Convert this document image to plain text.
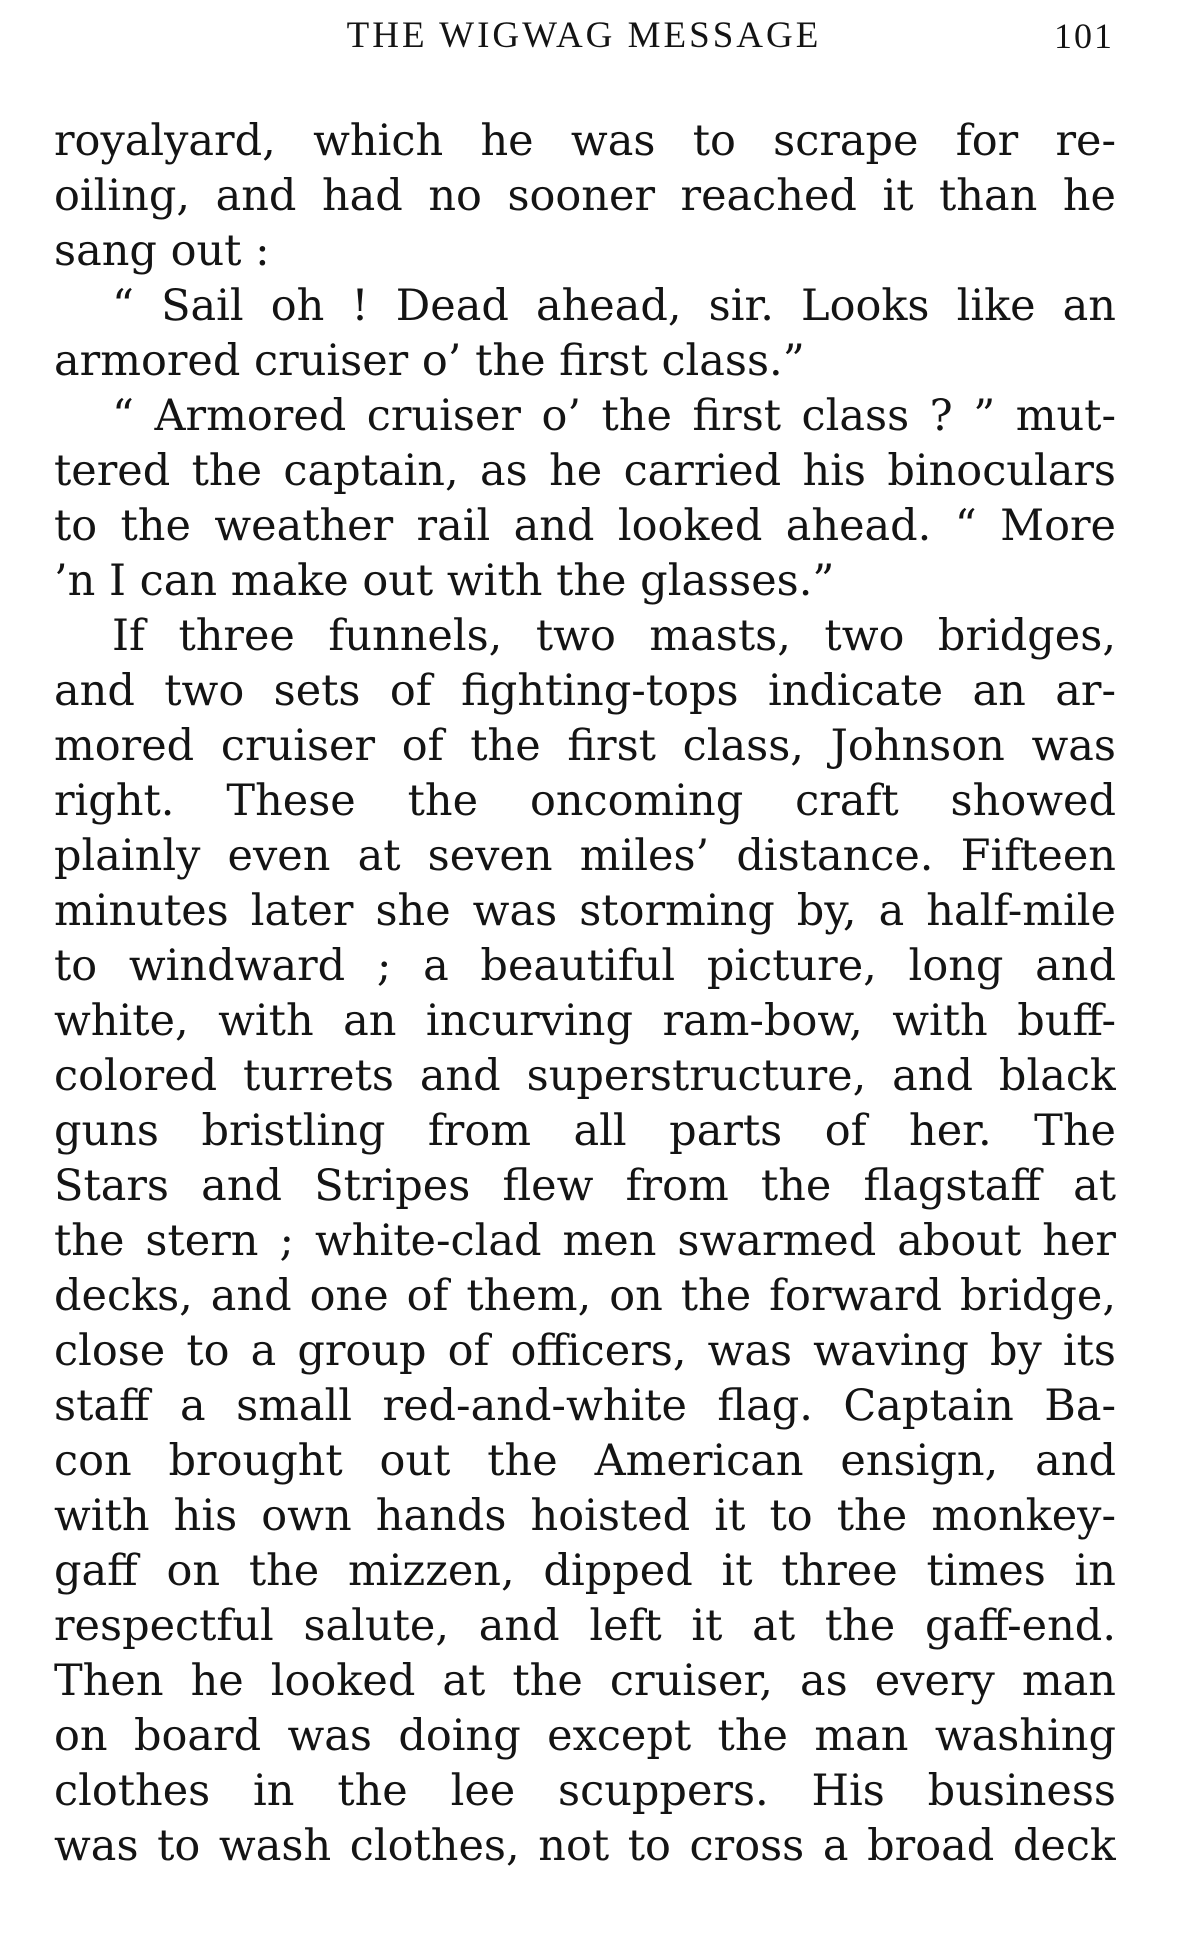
THE WIGWAG MESSAGE	101
royalyard, which he was to scrape for re-
oiling, and had no sooner reached it than he
sang out :
“ Sail oh ! Dead ahead, sir. Looks like an
armored cruiser o’ the first class.”
“ Armored cruiser o’ the first class ? ” mut-
tered the captain, as he carried his binoculars
to the weather rail and looked ahead. “ More
’n I can make out with the glasses.”
If three funnels, two masts, two bridges,
and two sets of fighting-tops indicate an ar-
mored cruiser of the first class, Johnson was
right. These the oncoming craft showed
plainly even at seven miles’ distance. Fifteen
minutes later she was storming by, a half-mile
to windward ; a beautiful picture, long and
white, with an incurving ram-bow, with buff-
colored turrets and superstructure, and black
guns bristling from all parts of her. The
Stars and Stripes flew from the flagstaff at
the stern ; white-clad men swarmed about her
decks, and one of them, on the forward bridge,
close to a group of officers, was waving by its
staff a small red-and-white flag. Captain Ba-
con brought out the American ensign, and
with his own hands hoisted it to the monkey-
gaff on the mizzen, dipped it three times in
respectful salute, and left it at the gaff-end.
Then he looked at the cruiser, as every man
on board was doing except the man washing
clothes in the lee scuppers. His business
was to wash clothes, not to cross a broad deck
